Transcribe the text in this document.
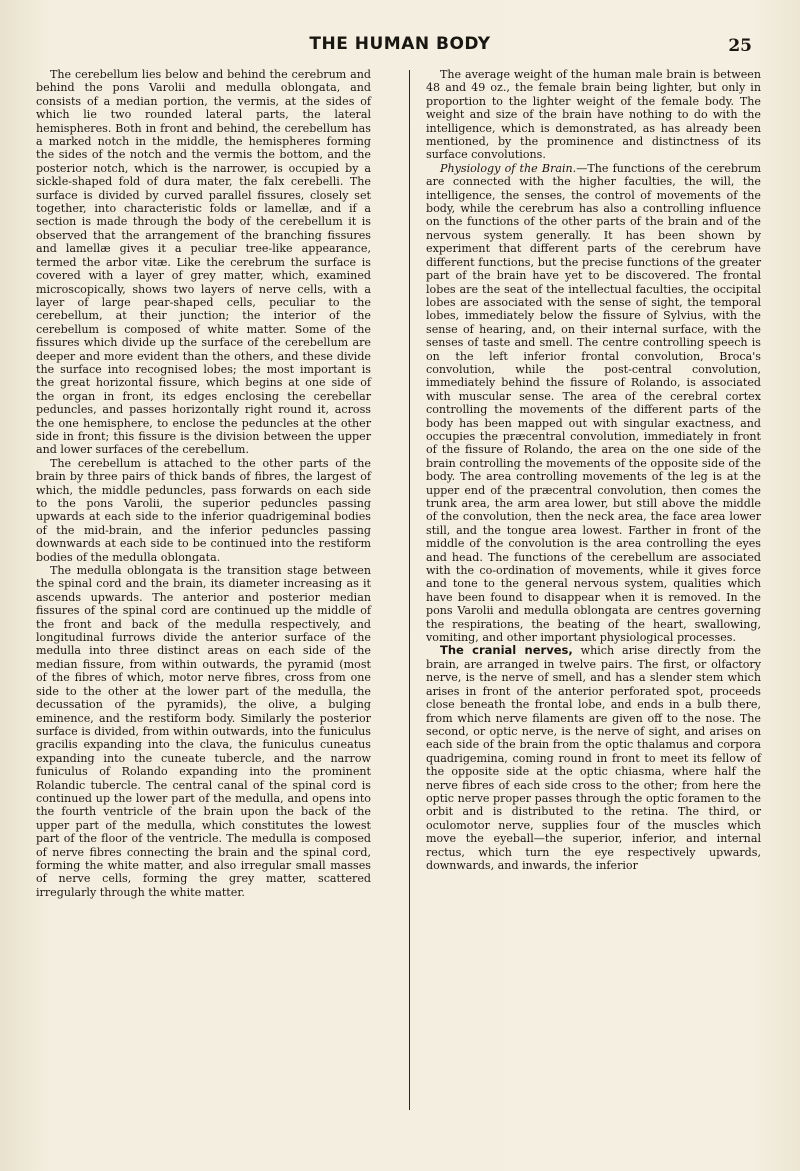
THE HUMAN BODY	25

The cerebellum lies below and behind the cerebrum and behind the pons Varolii and medulla oblongata, and consists of a median portion, the vermis, at the sides of which lie two rounded lateral parts, the lateral hemispheres. Both in front and behind, the cerebellum has a marked notch in the middle, the hemispheres forming the sides of the notch and the vermis the bottom, and the posterior notch, which is the narrower, is occupied by a sickle-shaped fold of dura mater, the falx cerebelli. The surface is divided by curved parallel fissures, closely set together, into characteristic folds or lamellæ, and if a section is made through the body of the cerebellum it is observed that the arrangement of the branching fissures and lamellæ gives it a peculiar tree-like appearance, termed the arbor vitæ. Like the cerebrum the surface is covered with a layer of grey matter, which, examined microscopically, shows two layers of nerve cells, with a layer of large pear-shaped cells, peculiar to the cerebellum, at their junction; the interior of the cerebellum is composed of white matter. Some of the fissures which divide up the surface of the cerebellum are deeper and more evident than the others, and these divide the surface into recognised lobes; the most important is the great horizontal fissure, which begins at one side of the organ in front, its edges enclosing the cerebellar peduncles, and passes horizontally right round it, across the one hemisphere, to enclose the peduncles at the other side in front; this fissure is the division between the upper and lower surfaces of the cerebellum.

The cerebellum is attached to the other parts of the brain by three pairs of thick bands of fibres, the largest of which, the middle peduncles, pass forwards on each side to the pons Varolii, the superior peduncles passing upwards at each side to the inferior quadrigeminal bodies of the mid-brain, and the inferior peduncles passing downwards at each side to be continued into the restiform bodies of the medulla oblongata.

The medulla oblongata is the transition stage between the spinal cord and the brain, its diameter increasing as it ascends upwards. The anterior and posterior median fissures of the spinal cord are continued up the middle of the front and back of the medulla respectively, and longitudinal furrows divide the anterior surface of the medulla into three distinct areas on each side of the median fissure, from within outwards, the pyramid (most of the fibres of which, motor nerve fibres, cross from one side to the other at the lower part of the medulla, the decussation of the pyramids), the olive, a bulging eminence, and the restiform body. Similarly the posterior surface is divided, from within outwards, into the funiculus gracilis expanding into the clava, the funiculus cuneatus expanding into the cuneate tubercle, and the narrow funiculus of Rolando expanding into the prominent Rolandic tubercle. The central canal of the spinal cord is continued up the lower part of the medulla, and opens into the fourth ventricle of the brain upon the back of the upper part of the medulla, which constitutes the lowest part of the floor of the ventricle. The medulla is composed of nerve fibres connecting the brain and the spinal cord, forming the white matter, and also irregular small masses of nerve cells, forming the grey matter, scattered irregularly through the white matter.

The average weight of the human male brain is between 48 and 49 oz., the female brain being lighter, but only in proportion to the lighter weight of the female body. The weight and size of the brain have nothing to do with the intelligence, which is demonstrated, as has already been mentioned, by the prominence and distinctness of its surface convolutions.

Physiology of the Brain.—The functions of the cerebrum are connected with the higher faculties, the will, the intelligence, the senses, the control of movements of the body, while the cerebrum has also a controlling influence on the functions of the other parts of the brain and of the nervous system generally. It has been shown by experiment that different parts of the cerebrum have different functions, but the precise functions of the greater part of the brain have yet to be discovered. The frontal lobes are the seat of the intellectual faculties, the occipital lobes are associated with the sense of sight, the temporal lobes, immediately below the fissure of Sylvius, with the sense of hearing, and, on their internal surface, with the senses of taste and smell. The centre controlling speech is on the left inferior frontal convolution, Broca's convolution, while the post-central convolution, immediately behind the fissure of Rolando, is associated with muscular sense. The area of the cerebral cortex controlling the movements of the different parts of the body has been mapped out with singular exactness, and occupies the præcentral convolution, immediately in front of the fissure of Rolando, the area on the one side of the brain controlling the movements of the opposite side of the body. The area controlling movements of the leg is at the upper end of the præcentral convolution, then comes the trunk area, the arm area lower, but still above the middle of the convolution, then the neck area, the face area lower still, and the tongue area lowest. Farther in front of the middle of the convolution is the area controlling the eyes and head. The functions of the cerebellum are associated with the co-ordination of movements, while it gives force and tone to the general nervous system, qualities which have been found to disappear when it is removed. In the pons Varolii and medulla oblongata are centres governing the respirations, the beating of the heart, swallowing, vomiting, and other important physiological processes.

The cranial nerves, which arise directly from the brain, are arranged in twelve pairs. The first, or olfactory nerve, is the nerve of smell, and has a slender stem which arises in front of the anterior perforated spot, proceeds close beneath the frontal lobe, and ends in a bulb there, from which nerve filaments are given off to the nose. The second, or optic nerve, is the nerve of sight, and arises on each side of the brain from the optic thalamus and corpora quadrigemina, coming round in front to meet its fellow of the opposite side at the optic chiasma, where half the nerve fibres of each side cross to the other; from here the optic nerve proper passes through the optic foramen to the orbit and is distributed to the retina. The third, or oculomotor nerve, supplies four of the muscles which move the eyeball—the superior, inferior, and internal rectus, which turn the eye respectively upwards, downwards, and inwards, the inferior
